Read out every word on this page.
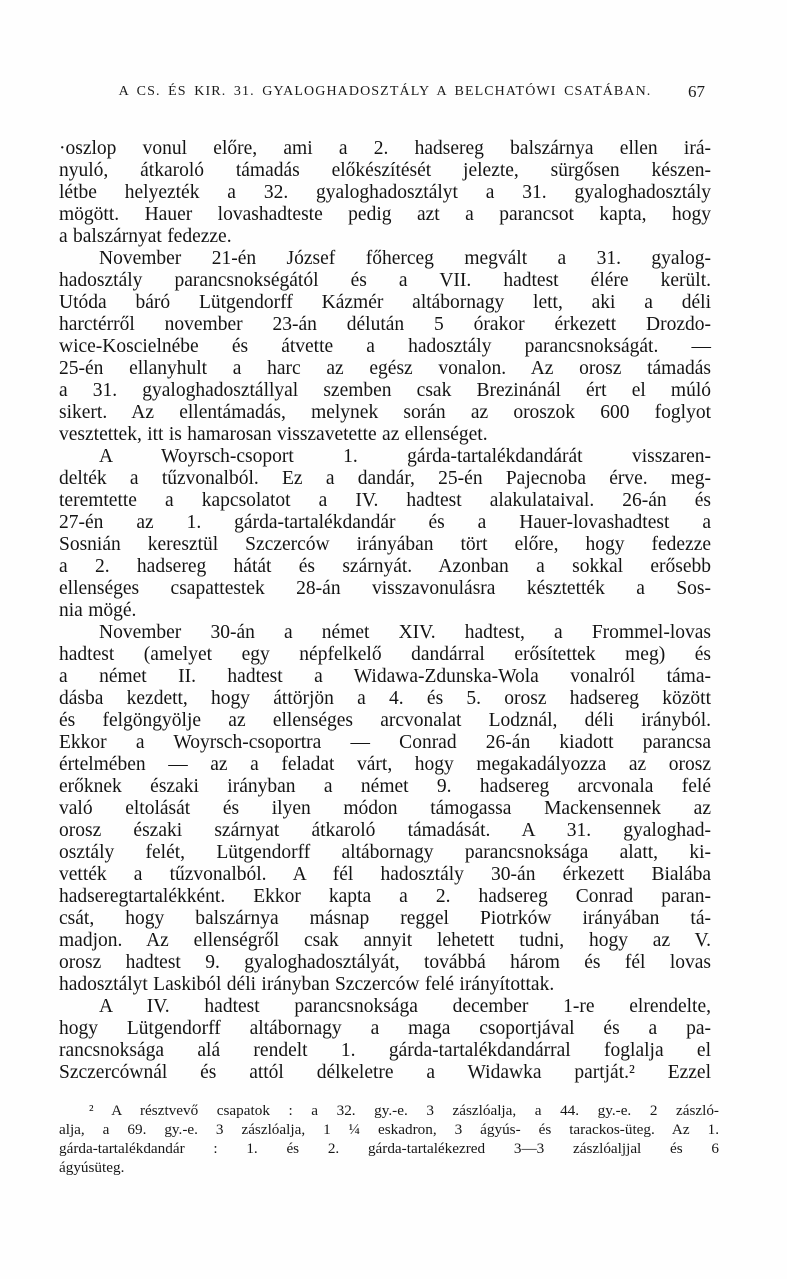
A CS. ÉS KIR. 31. GYALOGHADOSZTÁLY A BELCHATÓWI CSATÁBAN. 67
·oszlop vonul előre, ami a 2. hadsereg balszárnya ellen irá-
nyuló, átkaroló támadás előkészítését jelezte, sürgősen készen-
létbe helyezték a 32. gyaloghadosztályt a 31. gyaloghadosztály
mögött. Hauer lovashadteste pedig azt a parancsot kapta, hogy
a balszárnyat fedezze.
November 21-én József főherceg megvált a 31. gyalog-
hadosztály parancsnokségától és a VII. hadtest élére került.
Utóda báró Lütgendorff Kázmér altábornagy lett, aki a déli
harctérről november 23-án délután 5 órakor érkezett Drozdo-
wice-Koscielnébe és átvette a hadosztály parancsnokságát. —
25-én ellanyhult a harc az egész vonalon. Az orosz támadás
a 31. gyaloghadosztállyal szemben csak Brezinánál ért el múló
sikert. Az ellentámadás, melynek során az oroszok 600 foglyot
vesztettek, itt is hamarosan visszavetette az ellenséget.
A Woyrsch-csoport 1. gárda-tartalékdandárát visszaren-
delték a tűzvonalból. Ez a dandár, 25-én Pajecnoba érve. meg-
teremtette a kapcsolatot a IV. hadtest alakulataival. 26-án és
27-én az 1. gárda-tartalékdandár és a Hauer-lovashadtest a
Sosnián keresztül Szczerców irányában tört előre, hogy fedezze
a 2. hadsereg hátát és szárnyát. Azonban a sokkal erősebb
ellenséges csapattestek 28-án visszavonulásra késztették a Sos-
nia mögé.
November 30-án a német XIV. hadtest, a Frommel-lovas
hadtest (amelyet egy népfelkelő dandárral erősítettek meg) és
a német II. hadtest a Widawa-Zdunska-Wola vonalról táma-
dásba kezdett, hogy áttörjön a 4. és 5. orosz hadsereg között
és felgöngyölje az ellenséges arcvonalat Lodznál, déli irányból.
Ekkor a Woyrsch-csoportra — Conrad 26-án kiadott parancsa
értelmében — az a feladat várt, hogy megakadályozza az orosz
erőknek északi irányban a német 9. hadsereg arcvonala felé
való eltolását és ilyen módon támogassa Mackensennek az
orosz északi szárnyat átkaroló támadását. A 31. gyaloghad-
osztály felét, Lütgendorff altábornagy parancsnoksága alatt, ki-
vették a tűzvonalból. A fél hadosztály 30-án érkezett Bialába
hadseregtartalékként. Ekkor kapta a 2. hadsereg Conrad paran-
csát, hogy balszárnya másnap reggel Piotrków irányában tá-
madjon. Az ellenségről csak annyit lehetett tudni, hogy az V.
orosz hadtest 9. gyaloghadosztályát, továbbá három és fél lovas
hadosztályt Laskiból déli irányban Szczerców felé irányítottak.
A IV. hadtest parancsnoksága december 1-re elrendelte,
hogy Lütgendorff altábornagy a maga csoportjával és a pa-
rancsnoksága alá rendelt 1. gárda-tartalékdandárral foglalja el
Szczercównál és attól délkeletre a Widawka partját.² Ezzel
² A résztvevő csapatok : a 32. gy.-e. 3 zászlóalja, a 44. gy.-e. 2 zászló-
alja, a 69. gy.-e. 3 zászlóalja, 1 ¼ eskadron, 3 ágyús- és tarackos-üteg. Az 1.
gárda-tartalékdandár : 1. és 2. gárda-tartalékezred 3—3 zászlóaljjal és 6
ágyúsüteg.
